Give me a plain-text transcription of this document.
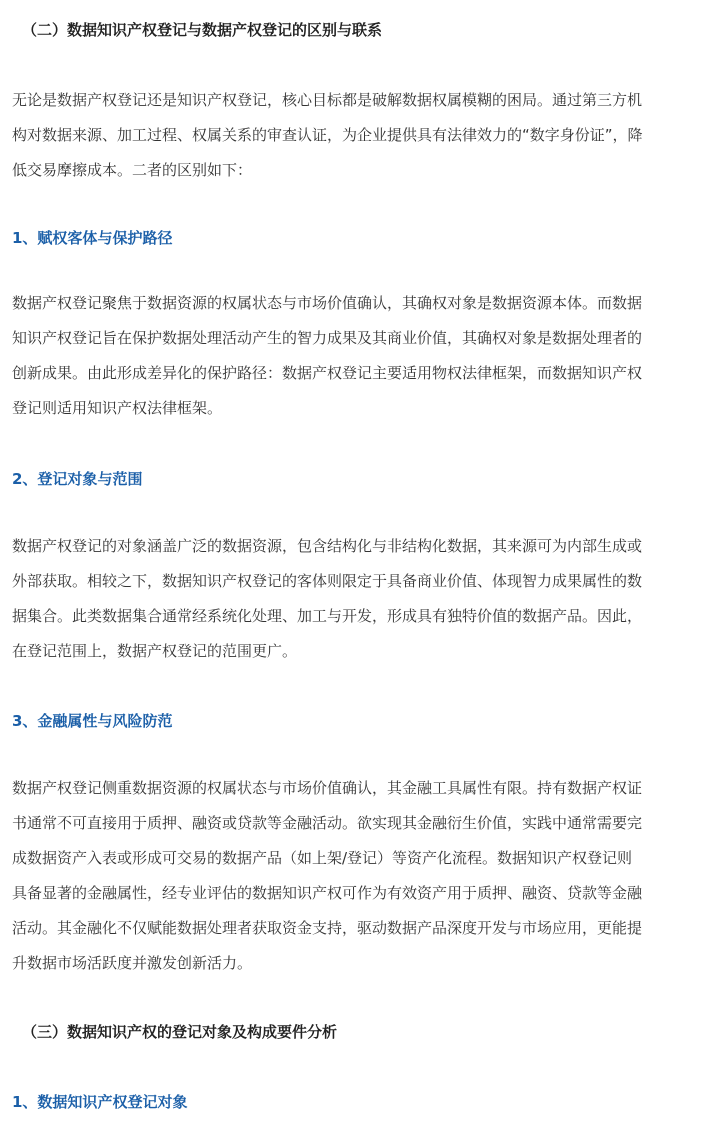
（二）数据知识产权登记与数据产权登记的区别与联系
无论是数据产权登记还是知识产权登记，核心目标都是破解数据权属模糊的困局。通过第三方机
构对数据来源、加工过程、权属关系的审查认证，为企业提供具有法律效力的“数字身份证”，降
低交易摩擦成本。二者的区别如下：
1、赋权客体与保护路径
数据产权登记聚焦于数据资源的权属状态与市场价值确认，其确权对象是数据资源本体。而数据
知识产权登记旨在保护数据处理活动产生的智力成果及其商业价值，其确权对象是数据处理者的
创新成果。由此形成差异化的保护路径：数据产权登记主要适用物权法律框架，而数据知识产权
登记则适用知识产权法律框架。
2、登记对象与范围
数据产权登记的对象涵盖广泛的数据资源，包含结构化与非结构化数据，其来源可为内部生成或
外部获取。相较之下，数据知识产权登记的客体则限定于具备商业价值、体现智力成果属性的数
据集合。此类数据集合通常经系统化处理、加工与开发，形成具有独特价值的数据产品。因此，
在登记范围上，数据产权登记的范围更广。
3、金融属性与风险防范
数据产权登记侧重数据资源的权属状态与市场价值确认，其金融工具属性有限。持有数据产权证
书通常不可直接用于质押、融资或贷款等金融活动。欲实现其金融衍生价值，实践中通常需要完
成数据资产入表或形成可交易的数据产品（如上架/登记）等资产化流程。数据知识产权登记则
具备显著的金融属性，经专业评估的数据知识产权可作为有效资产用于质押、融资、贷款等金融
活动。其金融化不仅赋能数据处理者获取资金支持，驱动数据产品深度开发与市场应用，更能提
升数据市场活跃度并激发创新活力。
（三）数据知识产权的登记对象及构成要件分析
1、数据知识产权登记对象
